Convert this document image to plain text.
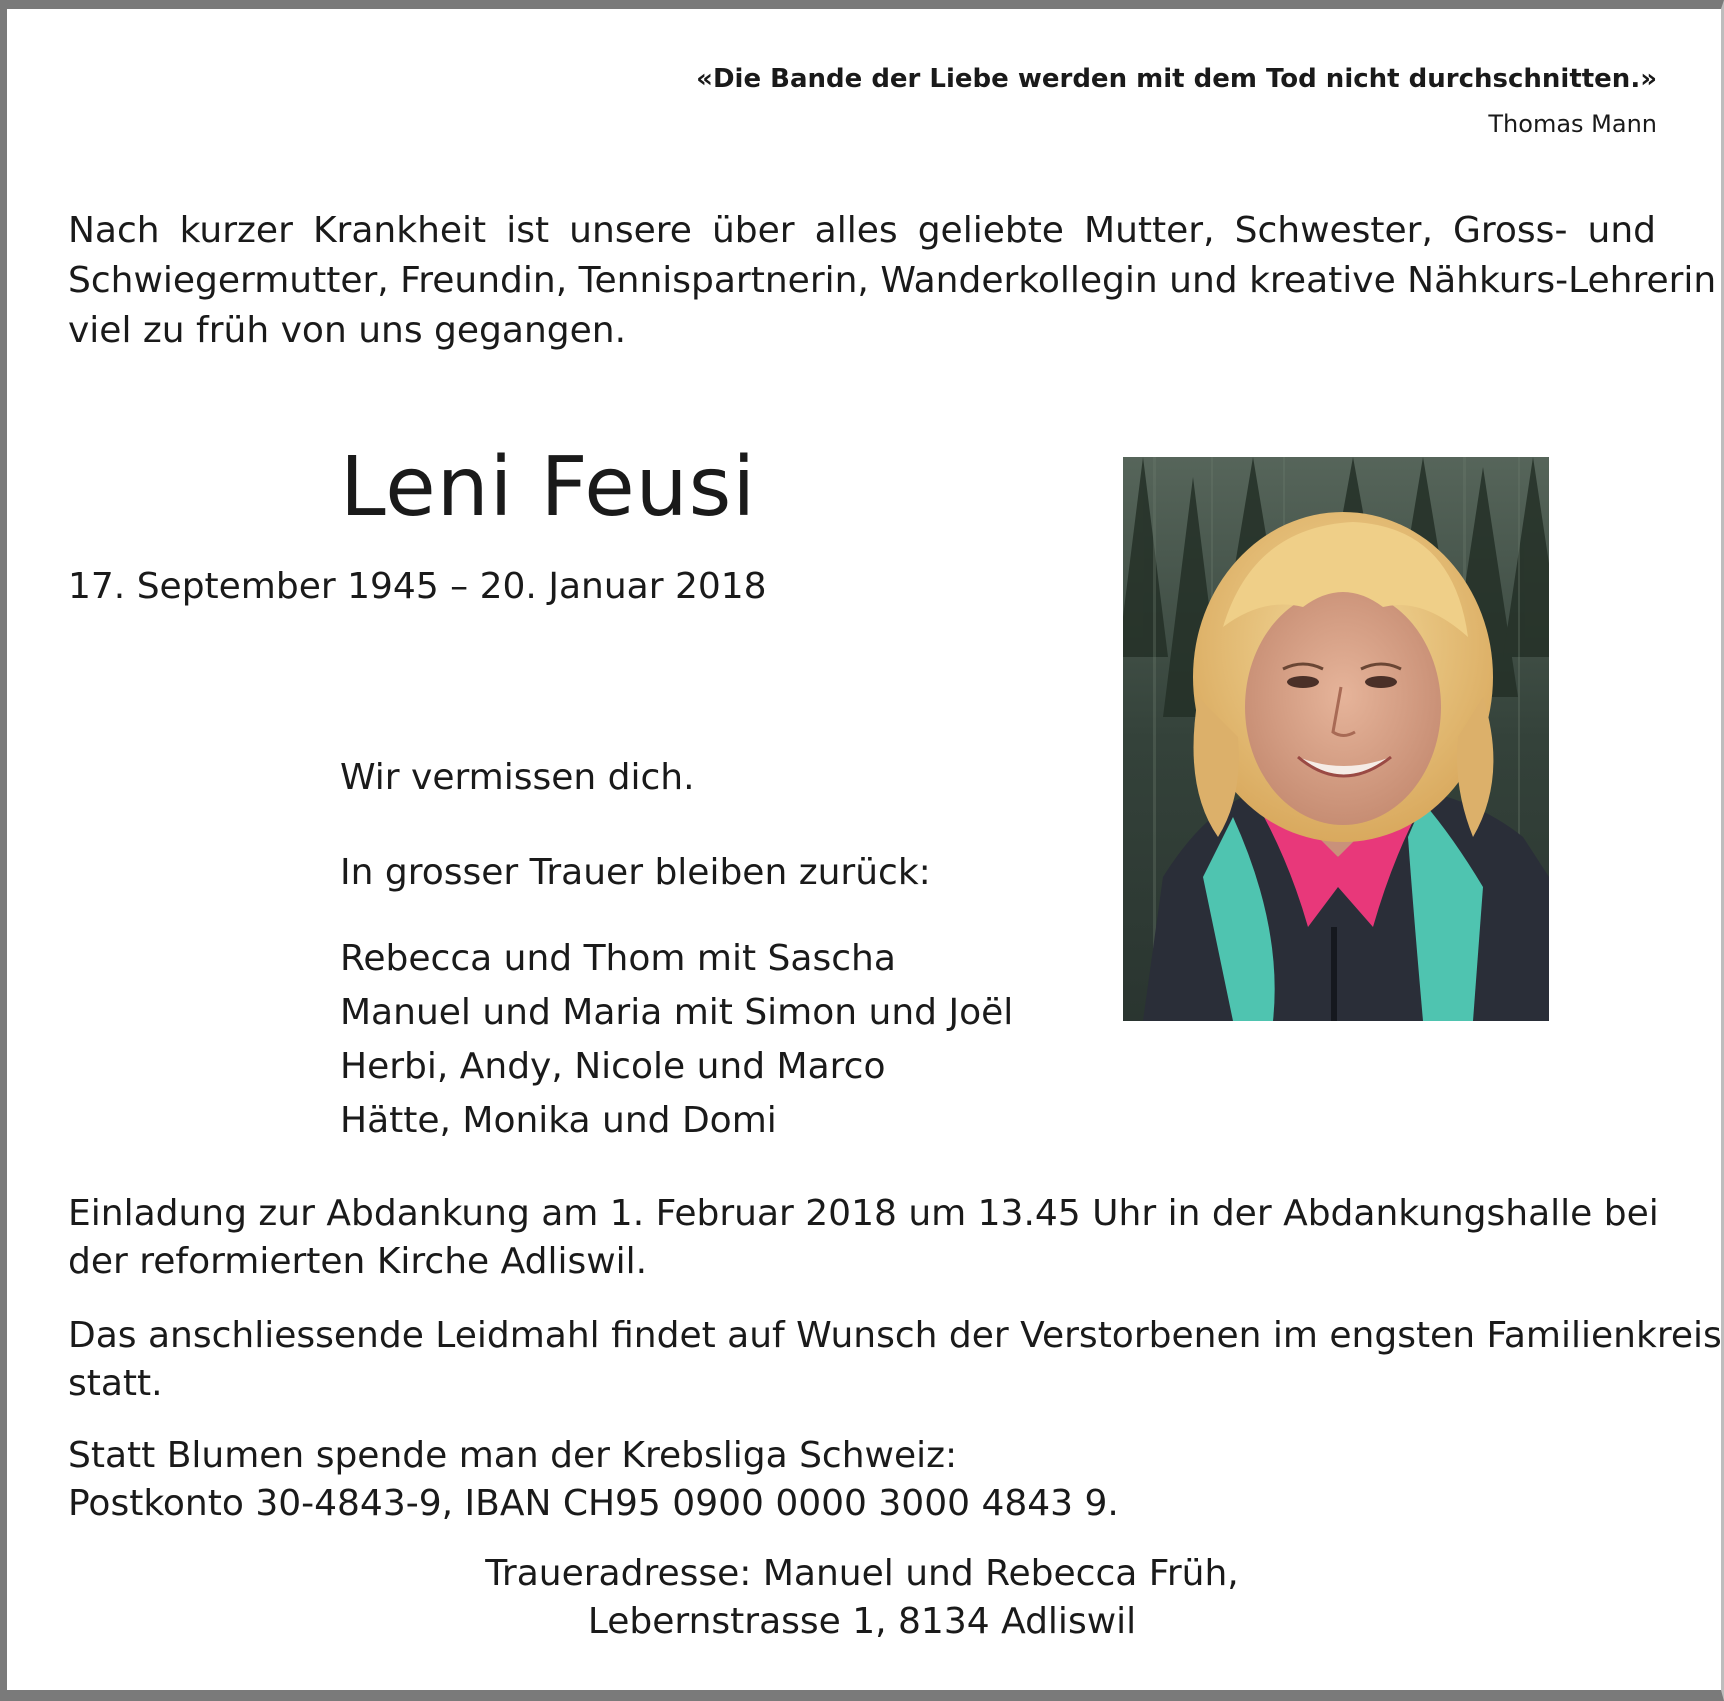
«Die Bande der Liebe werden mit dem Tod nicht durchschnitten.»
Thomas Mann
Nach kurzer Krankheit ist unsere über alles geliebte Mutter, Schwester, Gross- und
Schwiegermutter, Freundin, Tennispartnerin, Wanderkollegin und kreative Nähkurs-Lehrerin
viel zu früh von uns gegangen.
Leni Feusi
17. September 1945 – 20. Januar 2018
Wir vermissen dich.
In grosser Trauer bleiben zurück:
Rebecca und Thom mit Sascha
Manuel und Maria mit Simon und Joël
Herbi, Andy, Nicole und Marco
Hätte, Monika und Domi
Einladung zur Abdankung am 1. Februar 2018 um 13.45 Uhr in der Abdankungshalle bei
der reformierten Kirche Adliswil.
Das anschliessende Leidmahl findet auf Wunsch der Verstorbenen im engsten Familienkreis
statt.
Statt Blumen spende man der Krebsliga Schweiz:
Postkonto 30-4843-9, IBAN CH95 0900 0000 3000 4843 9.
Traueradresse: Manuel und Rebecca Früh,
Lebernstrasse 1, 8134 Adliswil
